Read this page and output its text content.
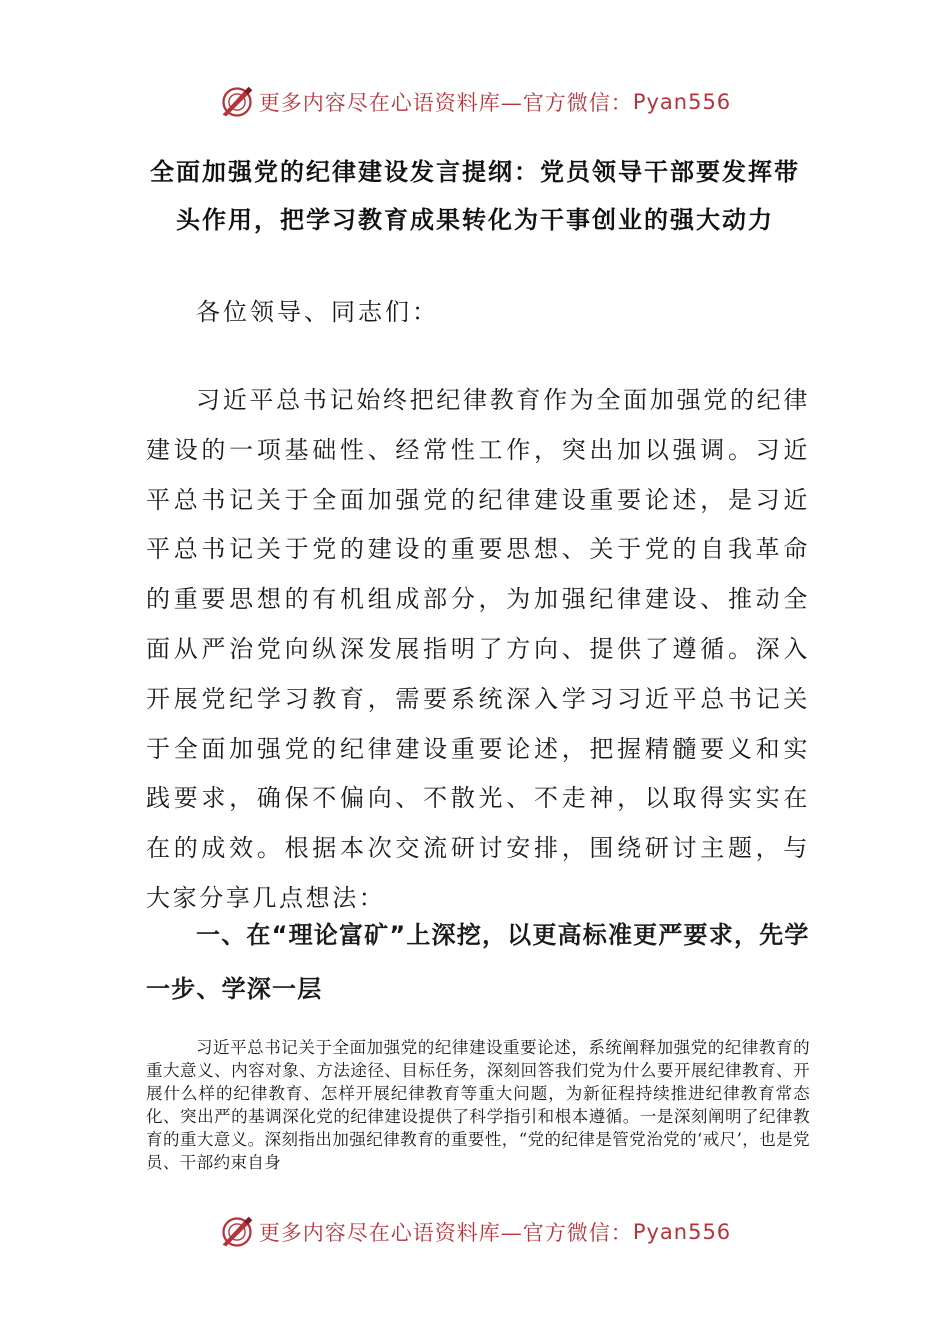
更多内容尽在心语资料库—官方微信： Pyan556
全面加强党的纪律建设发言提纲：党员领导干部要发挥带
头作用，把学习教育成果转化为干事创业的强大动力

各位领导、同志们：

习近平总书记始终把纪律教育作为全面加强党的纪律建设的一项基础性、经常性工作，突出加以强调。习近平总书记关于全面加强党的纪律建设重要论述，是习近平总书记关于党的建设的重要思想、关于党的自我革命的重要思想的有机组成部分，为加强纪律建设、推动全面从严治党向纵深发展指明了方向、提供了遵循。深入开展党纪学习教育，需要系统深入学习习近平总书记关于全面加强党的纪律建设重要论述，把握精髓要义和实践要求，确保不偏向、不散光、不走神，以取得实实在在的成效。根据本次交流研讨安排，围绕研讨主题，与大家分享几点想法：

一、在“理论富矿”上深挖，以更高标准更严要求，先学一步、学深一层

习近平总书记关于全面加强党的纪律建设重要论述，系统阐释加强党的纪律教育的重大意义、内容对象、方法途径、目标任务，深刻回答我们党为什么要开展纪律教育、开展什么样的纪律教育、怎样开展纪律教育等重大问题，为新征程持续推进纪律教育常态化、突出严的基调深化党的纪律建设提供了科学指引和根本遵循。一是深刻阐明了纪律教育的重大意义。深刻指出加强纪律教育的重要性，“党的纪律是管党治党的‘戒尺’，也是党员、干部约束自身

更多内容尽在心语资料库—官方微信： Pyan556
